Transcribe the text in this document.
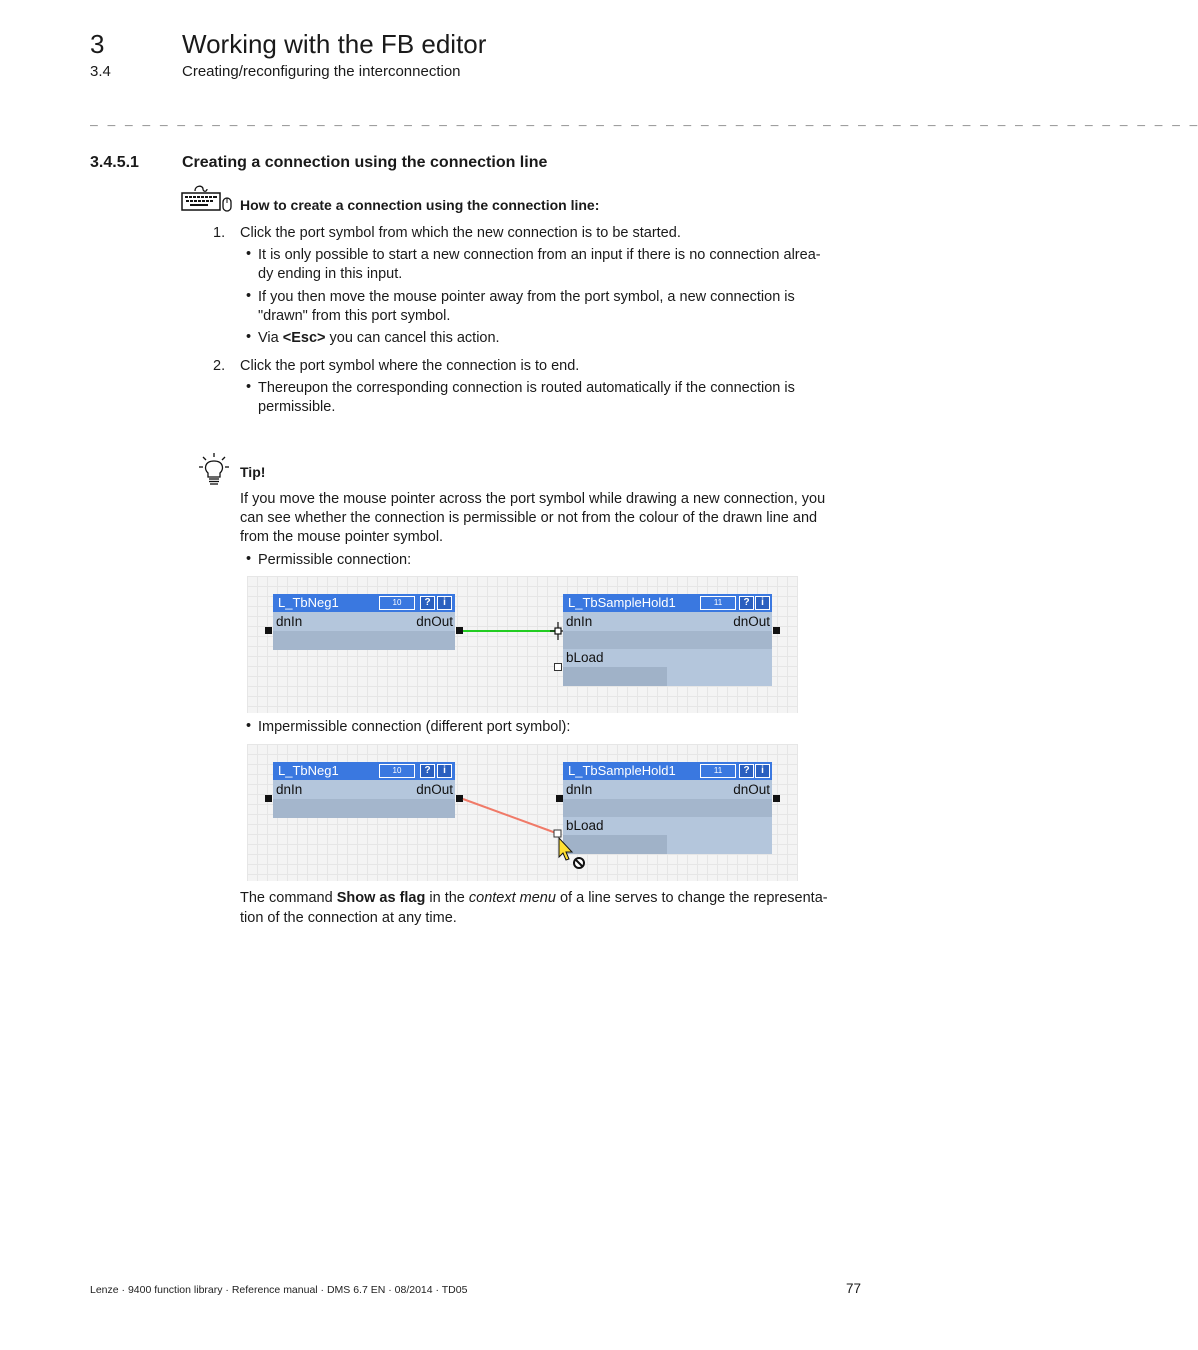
3	Working with the FB editor
3.4	Creating/reconfiguring the interconnection
_ _ _ _ _ _ _ _ _ _ _ _ _ _ _ _ _ _ _ _ _ _ _ _ _ _ _ _ _ _ _ _ _ _ _ _ _ _ _ _ _ _ _ _ _ _ _ _ _ _ _ _ _ _ _ _ _ _ _ _ _ _ _ _
3.4.5.1	Creating a connection using the connection line
How to create a connection using the connection line:
1. Click the port symbol from which the new connection is to be started.
• It is only possible to start a new connection from an input if there is no connection alrea-
dy ending in this input.
• If you then move the mouse pointer away from the port symbol, a new connection is
"drawn" from this port symbol.
• Via <Esc> you can cancel this action.
2. Click the port symbol where the connection is to end.
• Thereupon the corresponding connection is routed automatically if the connection is
permissible.
Tip!
If you move the mouse pointer across the port symbol while drawing a new connection, you
can see whether the connection is permissible or not from the colour of the drawn line and
from the mouse pointer symbol.
• Permissible connection:
L_TbNeg1	10	?	i
dnIn	dnOut
L_TbSampleHold1	11	?	i
dnIn	dnOut
bLoad
• Impermissible connection (different port symbol):
L_TbNeg1	10	?	i
dnIn	dnOut
L_TbSampleHold1	11	?	i
dnIn	dnOut
bLoad
The command Show as flag in the context menu of a line serves to change the representa-
tion of the connection at any time.
Lenze · 9400 function library · Reference manual · DMS 6.7 EN · 08/2014 · TD05	77
